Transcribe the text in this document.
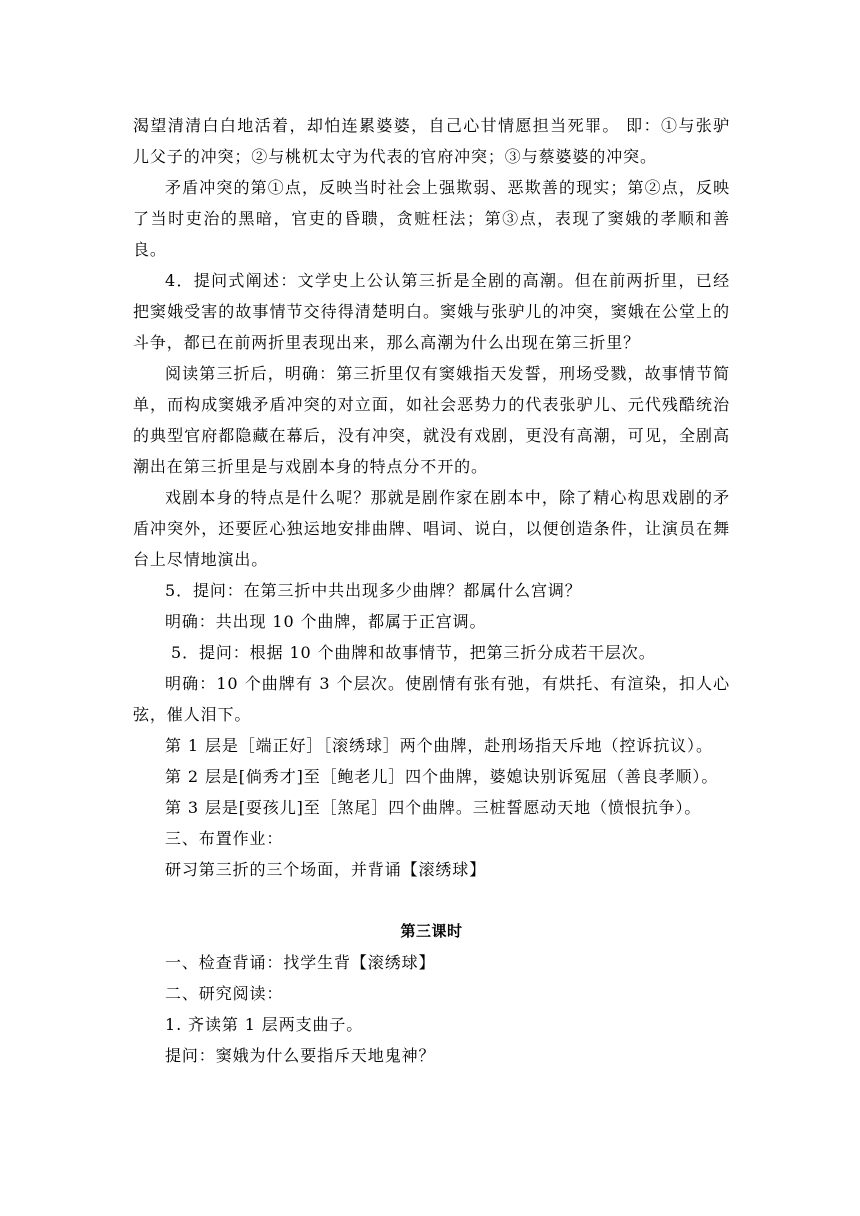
渴望清清白白地活着，却怕连累婆婆，自己心甘情愿担当死罪。 即：①与张驴儿父子的冲突；②与桃杌太守为代表的官府冲突；③与蔡婆婆的冲突。

矛盾冲突的第①点，反映当时社会上强欺弱、恶欺善的现实；第②点，反映了当时吏治的黑暗，官吏的昏聩，贪赃枉法；第③点，表现了窦娥的孝顺和善良。

4．提问式阐述：文学史上公认第三折是全剧的高潮。但在前两折里，已经把窦娥受害的故事情节交待得清楚明白。窦娥与张驴儿的冲突，窦娥在公堂上的斗争，都已在前两折里表现出来，那么高潮为什么出现在第三折里？

阅读第三折后，明确：第三折里仅有窦娥指天发誓，刑场受戮，故事情节简单，而构成窦娥矛盾冲突的对立面，如社会恶势力的代表张驴儿、元代残酷统治的典型官府都隐藏在幕后，没有冲突，就没有戏剧，更没有高潮，可见，全剧高潮出在第三折里是与戏剧本身的特点分不开的。

戏剧本身的特点是什么呢？那就是剧作家在剧本中，除了精心构思戏剧的矛盾冲突外，还要匠心独运地安排曲牌、唱词、说白，以便创造条件，让演员在舞台上尽情地演出。

5．提问：在第三折中共出现多少曲牌？都属什么宫调？

明确：共出现 10 个曲牌，都属于正宫调。

5．提问：根据 10 个曲牌和故事情节，把第三折分成若干层次。

明确：10 个曲牌有 3 个层次。使剧情有张有弛，有烘托、有渲染，扣人心弦，催人泪下。

第 1 层是［端正好］［滚绣球］两个曲牌，赴刑场指天斥地（控诉抗议）。

第 2 层是[倘秀才]至［鲍老儿］四个曲牌，婆媳诀别诉冤屈（善良孝顺）。

第 3 层是[耍孩儿]至［煞尾］四个曲牌。三桩誓愿动天地（愤恨抗争）。

三、布置作业：

研习第三折的三个场面，并背诵【滚绣球】

第三课时

一、检查背诵：找学生背【滚绣球】

二、研究阅读：

1. 齐读第 1 层两支曲子。

提问：窦娥为什么要指斥天地鬼神？
